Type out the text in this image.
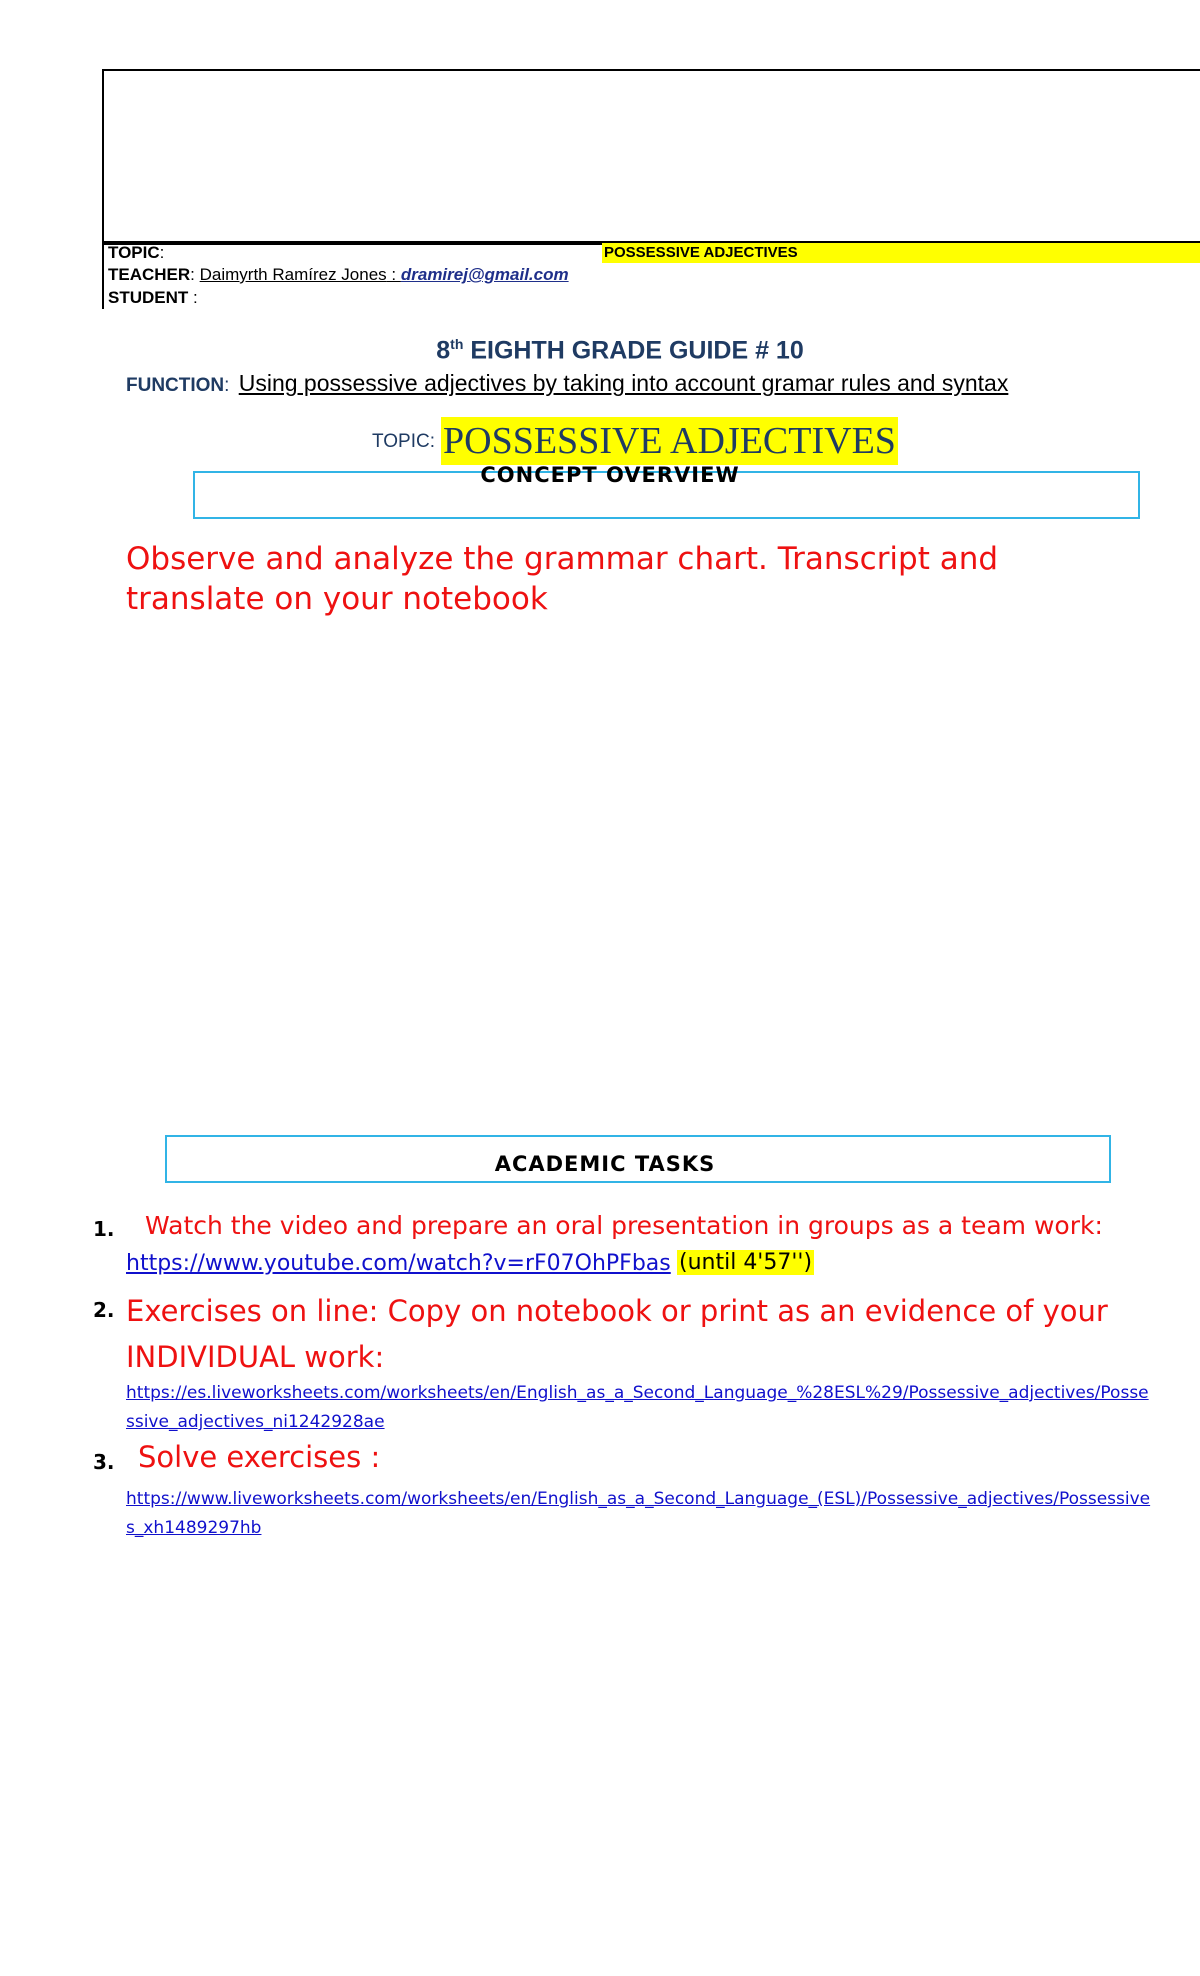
TOPIC:	POSSESSIVE ADJECTIVES
TEACHER: Daimyrth Ramírez Jones : dramirej@gmail.com
STUDENT :
8th EIGHTH GRADE GUIDE # 10
FUNCTION: Using possessive adjectives by taking into account gramar rules and syntax
TOPIC: POSSESSIVE ADJECTIVES
CONCEPT OVERVIEW
Observe and analyze the grammar chart. Transcript and translate on your notebook
ACADEMIC TASKS
1. Watch the video and prepare an oral presentation in groups as a team work:
https://www.youtube.com/watch?v=rF07OhPFbas (until 4'57'')
2. Exercises on line: Copy on notebook or print as an evidence of your INDIVIDUAL work:
https://es.liveworksheets.com/worksheets/en/English_as_a_Second_Language_%28ESL%29/Possessive_adjectives/Possessive_adjectives_ni1242928ae
3. Solve exercises :
https://www.liveworksheets.com/worksheets/en/English_as_a_Second_Language_(ESL)/Possessive_adjectives/Possessives_xh1489297hb
